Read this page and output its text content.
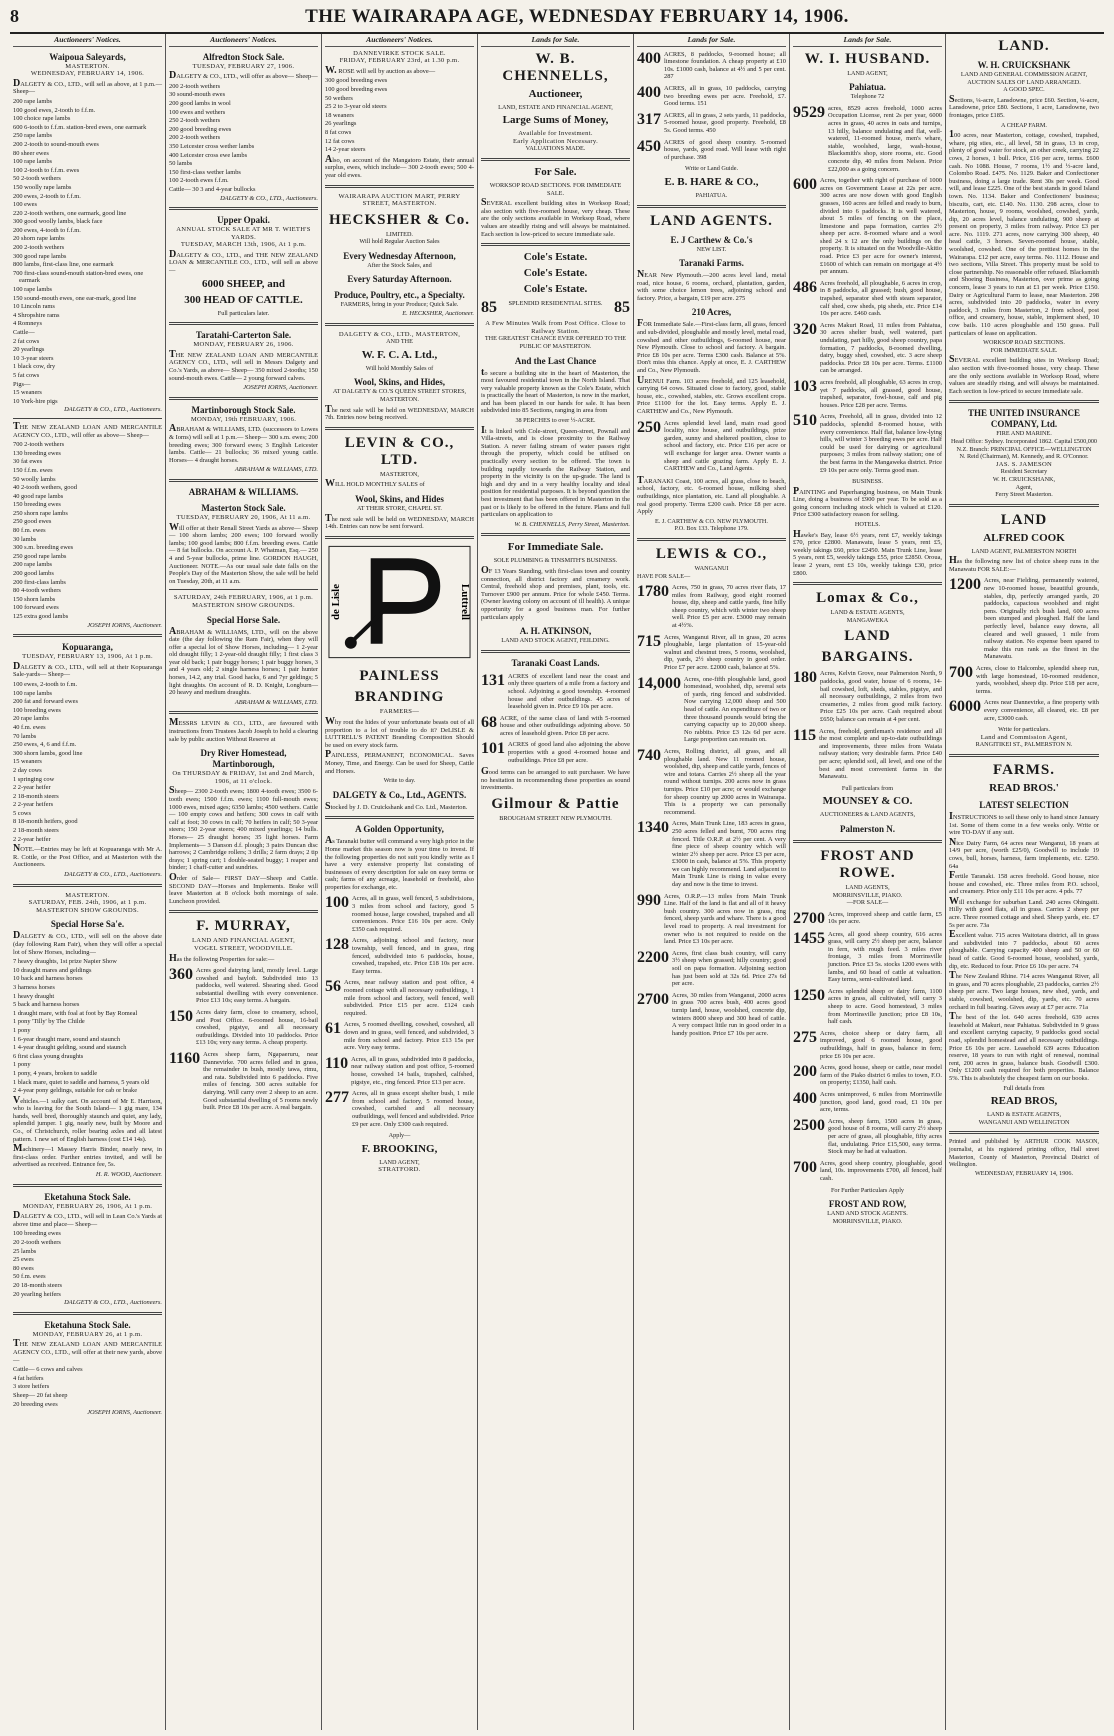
8	THE WAIRARAPA AGE, WEDNESDAY FEBRUARY 14, 1906.
Auctioneers' Notices.
Waipoua Saleyards,
MASTERTON.
WEDNESDAY, FEBRUARY 14, 1906.
DALGETY & CO., LTD., will sell as above, at 1 p.m.— Sheep—
200 rape lambs
100 good ewes, 2-tooth to f.f.m.
100 choice rape lambs
600 6-tooth to f.f.m. station-bred ewes, one earmark
250 rape lambs
200 2-tooth to sound-mouth ewes
80 sheer ewes
100 rape lambs
100 2-tooth to f.f.m. ewes
50 2-tooth wethers
150 woolly rape lambs
200 ewes, 2-tooth to f.f.m.
100 ewes
220 2-tooth wethers, one earmark, good line
300 good woolly lambs, black face
200 ewes, 4-tooth to f.f.m.
20 shorn rape lambs
200 2-tooth wethers
300 good rape lambs
800 lambs, first-class line, one earmark
700 first-class sound-mouth station-bred ewes, one earmark
100 rape lambs
150 sound-mouth ewes, one ear-mark, good line
10 Lincoln rams
4 Shropshire rams
4 Romneys
Cattle—
2 fat cows
20 yearlings
10 3-year steers
1 black cow, dry
5 fat cows
Pigs—
15 weaners
10 York-hire pigs
DALGETY & CO., LTD., Auctioneers.
THE NEW ZEALAND LOAN AND MERCANTILE AGENCY CO., LTD., will offer as above— Sheep—
700 2-tooth wethers
130 breeding ewes
30 fat ewes
150 f.f.m. ewes
50 woolly lambs
40 2-tooth wethers, good
40 good rape lambs
150 breeding ewes
250 shorn rape lambs
250 good ewes
80 f.m. ewes
30 lambs
300 s.m. breeding ewes
250 good rape lambs
200 rape lambs
200 good lambs
200 first-class lambs
80 4-tooth wethers
150 shorn lambs
100 forward ewes
125 extra good lambs
JOSEPH IORNS, Auctioneer.
Kopuaranga,
TUESDAY, FEBRUARY 13, 1906, At 1 p.m.
DALGETY & CO., LTD., will sell at their Kopuaranga Sale-yards— Sheep—
100 ewes, 2-tooth to f.m.
100 rape lambs
200 fat and forward ewes
100 breeding ewes
20 rape lambs
40 f.m. ewes
70 lambs
250 ewes, 4, 6 and f.f.m.
300 shorn lambs, good line
15 weaners
2 day cows
1 springing cow
2 2-year heifer
2 18-month steers
2 2-year heifers
5 cows
8 18-month heifers, good
2 18-month steers
2 2-year heifer
NOTE.—Entries may be left at Kopuaranga with Mr A. R. Cottle, or the Post Office, and at Masterton with the Auctioneers.
DALGETY & CO., LTD., Auctioneers.
MASTERTON.
SATURDAY, FEB. 24th, 1906, at 1 p.m.
MASTERTON SHOW GROUNDS.
Special Horse Sa'e.
DALGETY & CO., LTD., will sell on the above date (day following Ram Fair), when they will offer a special lot of Show Horses, including—
7 heavy draughts, 1st prize Napier Show
10 draught mares and geldings
10 back and harness horses
3 harness horses
1 heavy draught
5 back and harness horses
1 draught mare, with foal at foot by Bay Romeal
1 pony 'Tilly' by The Childe
1 pony
1 6-year draught mare, sound and staunch
1 4-year draught gelding, sound and staunch
6 first class young draughts
1 pony
1 pony, 4 years, broken to saddle
1 black mare, quiet to saddle and harness, 5 years old
2 4-year pony geldings, suitable for cab or brake
Vehicles.—1 sulky cart. On account of Mr E. Harrison, who is leaving for the South Island— 1 gig mare, 134 hands, well bred, thoroughly staunch and quiet, any lady, splendid jumper. 1 gig, nearly new, built by Moore and Co., of Christchurch, roller bearing axles and all latest pattern. 1 new set of English harness (cost £14 14s).
Machinery—1 Massey Harris Binder, nearly new, in first-class order. Further entries invited, and will be advertised as received. Entrance fee, 5s.
H. R. WOOD, Auctioneer.
Eketahuna Stock Sale.
MONDAY, FEBRUARY 26, 1906, At 1 p.m.
DALGETY & CO., LTD., will sell in Lean Co.'s Yards at above time and place— Sheep—
100 breeding ewes
20 2-tooth wethers
25 lambs
25 ewes
80 ewes
50 f.m. ewes
20 18-month steers
20 yearling heifers
DALGETY & CO., LTD., Auctioneers.
Eketahuna Stock Sale.
MONDAY, FEBRUARY 26, at 1 p.m.
THE NEW ZEALAND LOAN AND MERCANTILE AGENCY CO., LTD., will offer at their new yards, above—
Cattle— 6 cows and calves
4 fat heifers
3 store heifers
Sheep— 20 fat sheep
20 breeding ewes
JOSEPH IORNS, Auctioneer.
Auctioneers' Notices.
Alfredton Stock Sale.
TUESDAY, FEBRUARY 27, 1906.
DALGETY & CO., LTD., will offer as above— Sheep—
200 2-tooth wethers
30 sound-mouth ewes
200 good lambs in wool
100 ewes and wethers
250 2-tooth wethers
200 good breeding ewes
200 2-tooth wethers
350 Leicester cross wether lambs
400 Leicester cross ewe lambs
50 lambs
150 first-class wether lambs
100 2-tooth ewes f.f.m.
Cattle— 30 3 and 4-year bullocks
DALGETY & CO., LTD., Auctioneers.
Upper Opaki.
ANNUAL STOCK SALE AT MR T. WIETH'S YARDS.
TUESDAY, MARCH 13th, 1906, At 1 p.m.
DALGETY & CO., LTD., and THE NEW ZEALAND LOAN & MERCANTILE CO., LTD., will sell as above—
6000 SHEEP, and
300 HEAD OF CATTLE.
Full particulars later.
Taratahi-Carterton Sale.
MONDAY, FEBRUARY 26, 1906.
THE NEW ZEALAND LOAN AND MERCANTILE AGENCY CO., LTD., will sell in Messrs Dalgety and Co.'s Yards, as above— Sheep— 350 mixed 2-tooths; 150 sound-mouth ewes. Cattle— 2 young forward calves.
JOSEPH IORNS, Auctioneer.
Martinborough Stock Sale.
MONDAY, 19th FEBRUARY, 1906.
ABRAHAM & WILLIAMS, LTD. (successors to Lowes & Iorns) will sell at 1 p.m.— Sheep— 300 s.m. ewes; 200 breeding ewes; 300 forward ewes; 3 English Leicester lambs. Cattle— 21 bullocks; 36 mixed young cattle. Horses— 4 draught horses.
ABRAHAM & WILLIAMS, LTD.
ABRAHAM & WILLIAMS.
Masterton Stock Sale.
TUESDAY, FEBRUARY 20, 1906, At 11 a.m.
Will offer at their Renall Street Yards as above— Sheep— 100 shorn lambs; 200 ewes; 100 forward woolly lambs; 100 good lambs; 800 f.f.m. breeding ewes. Cattle— 8 fat bullocks. On account A. P. Whatman, Esq.— 250 4 and 5-year bullocks, prime line. GORDON HAUGH, Auctioneer. NOTE.—As our usual sale date falls on the People's Day of the Masterton Show, the sale will be held on Tuesday, 20th, at 11 a.m.
SATURDAY, 24th FEBRUARY, 1906, at 1 p.m.
MASTERTON SHOW GROUNDS.
Special Horse Sale.
ABRAHAM & WILLIAMS, LTD., will on the above date (the day following the Ram Fair), when they will offer a special lot of Show Horses, including— 1 2-year old draught filly; 1 2-year-old draught filly; 1 first class 3 year old back; 1 pair buggy horses; 1 pair buggy horses, 3 and 4 years old; 2 single harness horses; 1 pair hunter horses, 14.2, any trial. Good hacks, 6 and 7yr geldings; 5 light draughts. On account of R. D. Knight, Longburn— 20 heavy and medium draughts.
ABRAHAM & WILLIAMS, LTD.
MESSRS LEVIN & CO., LTD., are favoured with instructions from Trustees Jacob Joseph to hold a clearing sale by public auction Without Reserve at
Dry River Homestead, Martinborough,
On THURSDAY & FRIDAY, 1st and 2nd March, 1906, at 11 o'clock.
Sheep— 2300 2-tooth ewes; 1800 4-tooth ewes; 3500 6-tooth ewes; 1500 f.f.m. ewes; 1100 full-mouth ewes; 1000 ewes, mixed ages; 6350 lambs; 4500 wethers. Cattle— 100 empty cows and heifers; 300 cows in calf with calf at foot; 30 cows in calf; 70 heifers in calf; 50 3-year steers; 150 2-year steers; 400 mixed yearlings; 14 bulls. Horses— 25 draught horses; 35 light horses. Farm Implements— 3 Danson d.f. plough; 3 pairs Duncan disc harrows; 2 Cambridge rollers; 3 drills; 2 farm drays; 2 tip drays; 1 spring cart; 1 double-seated buggy; 1 reaper and binder; 1 chaff-cutter and sundries.
Order of Sale— FIRST DAY—Sheep and Cattle. SECOND DAY—Horses and Implements. Brake will leave Masterton at 8 o'clock both mornings of sale. Luncheon provided.
F. MURRAY,
LAND AND FINANCIAL AGENT,
VOGEL STREET, WOODVILLE.
Has the following Properties for sale:—
360 Acres good dairying land, mostly level. Large cowshed and bayloft. Subdivided into 13 paddocks, well watered. Shearing shed. Good substantial dwelling with every convenience. Price £13 10s; easy terms. A bargain.
150 Acres dairy farm, close to creamery, school, and Post Office. 6-roomed house, 16-bail cowshed, pigstye, and all necessary outbuildings. Divided into 10 paddocks. Price £13 10s; very easy terms. A cheap property.
1160 Acres sheep farm, Ngapaeruru, near Dannevirke. 700 acres felled and in grass, the remainder in bush, mostly tawa, rimu, and rata. Subdivided into 6 paddocks. Five miles of fencing. 300 acres suitable for dairying. Will carry over 2 sheep to an acre. Good substantial dwelling of 5 rooms newly built. Price £8 10s per acre. A real bargain.
Auctioneers' Notices.
DANNEVIRKE STOCK SALE.
FRIDAY, FEBRUARY 23rd, at 1.30 p.m.
W. ROSE will sell by auction as above—
300 good breeding ewes
100 good breeding ewes
50 wethers
25 2 to 3-year old steers
18 weaners
26 yearlings
8 fat cows
12 fat cows
14 2-year steers
Also, on account of the Mangatoro Estate, their annual surplus, ewes, which include— 300 2-tooth ewes; 500 4-year old ewes.
WAIRARAPA AUCTION MART, PERRY STREET, MASTERTON.
HECKSHER & Co.
LIMITED.
Will hold Regular Auction Sales
Every Wednesday Afternoon,
After the Stock Sales, and
Every Saturday Afternoon.
Produce, Poultry, etc., a Specialty.
FARMERS, bring in your Produce; Quick Sale.
E. HECKSHER, Auctioneer.
DALGETY & CO., LTD., MASTERTON,
AND THE
W. F. C. A. Ltd.,
Will hold Monthly Sales of
Wool, Skins, and Hides,
AT DALGETY & CO.'S QUEEN STREET STORES, MASTERTON.
The next sale will be held on WEDNESDAY, MARCH 7th. Entries now being received.
LEVIN & CO., LTD.
MASTERTON,
WILL HOLD MONTHLY SALES of
Wool, Skins, and Hides
AT THEIR STORE, CHAPEL ST.
The next sale will be held on WEDNESDAY, MARCH 14th. Entries can now be sent forward.
de Lisle	Luttrell
PAINLESS
BRANDING
FARMERS—
Why rout the hides of your unfortunate beasts out of all proportion to a lot of trouble to do it? DeLISLE & LUTTRELL'S PATENT Branding Composition Should be used on every stock farm.
PAINLESS, PERMANENT, ECONOMICAL. Saves Money, Time, and Energy. Can be used for Sheep, Cattle and Horses.
Write to day.
DALGETY & Co., Ltd., AGENTS.
Stocked by J. D. Cruickshank and Co. Ltd., Masterton.
A Golden Opportunity,
As Taranaki butter will command a very high price in the Home market this season now is your time to invest. If the following properties do not suit you kindly write as I have a very extensive property list consisting of businesses of every description for sale on easy terms or cash; farms of any acreage, leasehold or freehold, also properties for exchange, etc.
100 Acres, all in grass, well fenced, 5 subdivisions, 3 miles from school and factory, good 5 roomed house, large cowshed, trapshed and all conveniences. Price £16 10s per acre. Only £350 cash required.
128 Acres, adjoining school and factory, near township, well fenced, and in grass, ring fenced, subdivided into 6 paddocks, house, cowshed, trapshed, etc. Price £18 10s per acre. Easy terms.
56 Acres, near railway station and post office, 4 roomed cottage with all necessary outbuildings, 1 mile from school and factory, well fenced, well subdivided. Price £15 per acre. £124 cash required.
61 Acres, 5 roomed dwelling, cowshed, cowshed, all down and in grass, well fenced, and subdivided, 3 mile from school and factory. Price £13 15s per acre. Very easy terms.
110 Acres, all in grass, subdivided into 8 paddocks, near railway station and post office, 5-roomed house, cowshed 14 bails, trapshed, calfshed, pigstye, etc., ring fenced. Price £13 per acre.
277 Acres, all in grass except shelter bush, 1 mile from school and factory, 5 roomed house, cowshed, cartshed and all necessary outbuildings, well fenced and subdivided. Price £9 per acre. Only £300 cash required.
Apply—
F. BROOKING,
LAND AGENT,
STRATFORD.
Lands for Sale.
W. B. CHENNELLS,
Auctioneer,
LAND, ESTATE AND FINANCIAL AGENT,
Large Sums of Money,
Available for Investment.
Early Application Necessary.
VALUATIONS MADE.
For Sale.
WORKSOP ROAD SECTIONS. FOR IMMEDIATE SALE.
SEVERAL excellent building sites in Worksop Road; also section with five-roomed house, very cheap. These are the only sections available in Worksop Road, where values are steadily rising and will always be maintained. Each section is low-priced to secure immediate sale.
Cole's Estate.
Cole's Estate.
Cole's Estate.
85	SPLENDID RESIDENTIAL SITES. 85
A Few Minutes Walk from Post Office. Close to Railway Station.
THE GREATEST CHANCE EVER OFFERED TO THE PUBLIC OF MASTERTON.
And the Last Chance
to secure a building site in the heart of Masterton, the most favoured residential town in the North Island. That very valuable property known as the Cole's Estate, which is practically the heart of Masterton, is now in the market, and has been placed in our hands for sale. It has been subdivided into 85 Sections, ranging in area from
38 PERCHES to over ½-ACRE.
It is linked with Cole-street, Queen-street, Pownall and Villa-streets, and is close proximity to the Railway Station. A never failing stream of water passes right through the property, which could be utilised on practically every section to be offered. The town is building rapidly towards the Railway Station, and property in the vicinity is on the up-grade. The land is high and dry and in a very healthy locality and ideal position for residential purposes. It is beyond question the best investment that has been offered in Masterton in the past or is likely to be offered in the future. Plans and full particulars on application to
W. B. CHENNELLS, Perry Street, Masterton.
For Immediate Sale.
SOLE PLUMBING & TINSMITH'S BUSINESS.
OF 13 Years Standing, with first-class town and country connection, all district factory and creamery work. Central, freehold shop and premises, plant, tools, etc. Turnover £900 per annum. Price for whole £450. Terms. (Owner leaving colony on account of ill health). A unique opportunity for a good business man. For further particulars apply
A. H. ATKINSON,
LAND AND STOCK AGENT, FEILDING.
Taranaki Coast Lands.
131 ACRES of excellent land near the coast and only three quarters of a mile from a factory and school. Adjoining a good township. 4-roomed house and other outbuildings. 45 acres of leasehold given in. Price £9 10s per acre.
68 ACRE, of the same class of land with 5-roomed house and other outbuildings adjoining above. 50 acres of leasehold given. Price £8 per acre.
101 ACRES of good land also adjoining the above properties with a good 4-roomed house and outbuildings. Price £8 per acre.
Good terms can be arranged to suit purchaser. We have no hesitation in recommending these properties as sound investments.
Gilmour & Pattie
BROUGHAM STREET NEW PLYMOUTH.
Lands for Sale.
400 ACRES, 8 paddocks, 9-roomed house; all limestone foundation. A cheap property at £10 10s. £1000 cash, balance at 4½ and 5 per cent. 287
400 ACRES, all in grass, 10 paddocks, carrying two breeding ewes per acre. Freehold, £7. Good terms. 151
317 ACRES, all in grass, 2 sets yards, 11 paddocks, 5-roomed house, good property. Freehold, £8 5s. Good terms. 450
450 ACRES of good sheep country. 5-roomed house, yards, good road. Will lease with right of purchase. 398
Write or Land Guide.
E. B. HARE & CO.,
PAHIATUA.
LAND AGENTS.
E. J Carthew & Co.'s
NEW LIST.
Taranaki Farms.
NEAR New Plymouth.—200 acres level land, metal road, nice house, 6 rooms, orchard, plantation, garden, with some choice lemon trees, adjoining school and factory. Price, a bargain, £19 per acre. 275
210 Acres,
FOR Immediate Sale.—First-class farm, all grass, fenced and sub-divided, ploughable and mostly level, metal road, cowshed and other outbuildings, 6-roomed house, near New Plymouth. Close to school and factory. A bargain. Price £8 10s per acre. Terms £300 cash. Balance at 5%. Don't miss this chance. Apply at once, E. J. CARTHEW and Co., New Plymouth.
URENUI Farm. 103 acres freehold, and 125 leasehold, carrying 64 cows. Situated close to factory, good, stable house, etc., cowshed, stables, etc. Grows excellent crops. Price £1100 for the lot. Easy terms. Apply E. J. CARTHEW and Co., New Plymouth.
250 Acres splendid level land, main road good locality, nice house, and outbuildings, prize garden, sunny and sheltered position, close to school and factory, etc. Price £16 per acre or will exchange for larger area. Owner wants a sheep and cattle grazing farm. Apply E. J. CARTHEW and Co., Land Agents.
TARANAKI Coast, 100 acres, all grass, close to beach, school, factory, etc. 6-roomed house, milking shed outbuildings, nice plantation, etc. Land all ploughable. A real good property. Terms £200 cash. Price £8 per acre. Apply
E. J. CARTHEW & CO. NEW PLYMOUTH.
P.O. Box 133. Telephone 179.
LEWIS & CO.,
WANGANUI
HAVE FOR SALE—
1780 Acres, 750 in grass, 70 acres river flats, 17 miles from Railway, good eight roomed house, dip, sheep and cattle yards, fine hilly sheep country, which with winter two sheep well. Price £5 per acre. £3000 may remain at 4½%.
715 Acres, Wanganui River, all in grass, 20 acres ploughable, large plantation of 15-year-old walnut and chestnut trees, 5 rooms, woolshed, dip, yards, 2½ sheep country in good order. Price £7 per acre. £2000 cash, balance at 5%.
14,000 Acres, one-fifth ploughable land, good homestead, woolshed, dip, several sets of yards, ring fenced and subdivided. Now carrying 12,000 sheep and 500 head of cattle. An expenditure of two or three thousand pounds would bring the carrying capacity up to 20,000 sheep. No rabbits. Price £3 12s 6d per acre. Large proportion can remain on.
740 Acres, Rolling district, all grass, and all ploughable land. New 11 roomed house, woolshed, dip, sheep and cattle yards, fences of wire and totara. Carries 2½ sheep all the year round without turnips. 200 acres now in grass turnips. Price £10 per acre; or would exchange for sheep country up 2000 acres in Wairarapa. This is a property we can personally recommend.
1340 Acres, Main Trunk Line, 183 acres in grass, 250 acres felled and burnt, 700 acres ring fenced. Title O.R.P. at 2½ per cent. A very fine piece of sheep country which will winter 2½ sheep per acre. Price £3 per acre, £3000 in cash, balance at 5%. This property we can highly recommend. Land adjacent to Main Trunk Line is rising in value every day and now is the time to invest.
990 Acres, O.R.P.—13 miles from Main Trunk Line. Half of the land is flat and all of it heavy bush country. 300 acres now in grass, ring fenced, sheep yards and whare. There is a good level road to property. A real investment for owner who is not required to reside on the land. Price £3 10s per acre.
2200 Acres, first class bush country, will carry 3½ sheep when grassed; hilly country; good soil on papa formation. Adjoining section has just been sold at 32s 6d. Price 27s 6d per acre.
2700 Acres, 30 miles from Wanganui, 2000 acres in grass 700 acres bush, 400 acres good turnip land, house, woolshed, concrete dip, winters 8000 sheep and 300 head of cattle. A very compact little run in good order in a handy position. Price £7 10s per acre.
Lands for Sale.
W. I. HUSBAND.
LAND AGENT,
Pahiatua.
Telephone 72
9529 acres, 8529 acres freehold, 1000 acres Occupation License, rent 2s per year, 6000 acres in grass, 40 acres in oats and turnips, 13 hilly, balance undulating and flat, well-watered, 11-roomed house, men's whare, stable, woolshed, large, wash-house, Blacksmith's shop, store rooms, etc. Good concrete dip, 40 miles from Nelson. Price £22,000 as a going concern.
600 Acres, together with right of purchase of 1000 acres on Government Lease at 22s per acre. 300 acres are now down with good English grasses, 160 acres are felled and ready to burn, divided into 6 paddocks. It is well watered, about 5 miles of fencing on the place, limestone and papa formation, carries 2½ sheep per acre. 8-roomed whare and a wool shed 24 x 12 are the only buildings on the property. It is situated on the Woodville-Akitio road. Price £3 per acre for owner's interest, £1600 of which can remain on mortgage at 4½ per annum.
486 Acres freehold, all ploughable, 6 acres in crop, in 8 paddocks, all grassed; bush, good house, trapshed, separator shed with steam separator, calf shed, cow sheds, pig sheds, etc. Price £14 10s per acre. £460 cash.
320 Acres Makuri Road, 11 miles from Pahiatua, 30 acres shelter bush, well watered, part undulating, part hilly, good sheep country, papa formation, 7 paddocks, 8-roomed dwelling, dairy, buggy shed, cowshed, etc. 3 acre sheep paddocks. Price £8 10s per acre. Terms. £1100 can be arranged.
103 acres freehold, all ploughable, 63 acres in crop, yet 7 paddocks, all grassed, good house, trapshed, separator, fowl-house, calf and pig houses. Price £28 per acre. Terms.
510 Acres, Freehold, all in grass, divided into 12 paddocks, splendid 8-roomed house, with every convenience. Half flat, balance low-lying hills, will winter 3 breeding ewes per acre. Half could be used for dairying or agricultural purposes; 3 miles from railway station; one of the best farms in the Mangaweka district. Price £9 10s per acre only. Terms good man.
BUSINESS.
PAINTING and Paperhanging business, on Main Trunk Line, doing a business of £900 per year. To be sold as a going concern including stock which is valued at £120. Price £300 satisfactory reason for selling.
HOTELS.
Hawke's Bay, lease 6½ years, rent £7, weekly takings £70, price £2800. Manawatu, lease 5 years, rent £5, weekly takings £60, price £2450. Main Trunk Line, lease 5 years, rent £5, weekly takings £55, price £2850. Oroua, lease 2 years, rent £3 10s, weekly takings £30, price £800.
Lomax & Co.,
LAND & ESTATE AGENTS,
MANGAWEKA
LAND
BARGAINS.
180 Acres, Kelvin Grove, near Palmerston North, 9 paddocks, good water, house of 6 rooms, 14-bail cowshed, loft, sheds, stables, pigstye, and all necessary outbuildings, 2 miles from two creameries, 2 miles from good milk factory. Price £25 10s per acre. Cash required about £650; balance can remain at 4 per cent.
115 Acres, freehold, gentleman's residence and all the most complete and up-to-date outbuildings and improvements, three miles from Waiata railway station; very desirable farm. Price £40 per acre; splendid soil, all level, and one of the best and most convenient farms in the Manawatu.
Full particulars from
MOUNSEY & CO.
AUCTIONEERS & LAND AGENTS,
Palmerston N.
FROST AND ROWE.
LAND AGENTS,
MORRINSVILLE, PIAKO.
—FOR SALE—
2700 Acres, improved sheep and cattle farm, £5 10s per acre.
1455 Acres, all good sheep country, 616 acres grass, will carry 2½ sheep per acre, balance in fern, with rough feed. 3 miles river frontage, 3 miles from Morrinsville junction. Price £3 5s. stocks 1200 ewes with lambs, and 60 head of cattle at valuation. Easy terms, semi-cultivated land.
1250 Acres splendid sheep or dairy farm, 1100 acres in grass, all cultivated, will carry 3 sheep to acre. Good homestead, 3 miles from Morrinsville junction; price £8 10s, half cash.
275 Acres, choice sheep or dairy farm, all improved, good 6 roomed house, good outbuildings, half in grass, balance in fern; price £6 10s per acre.
200 Acres, good house, sheep or cattle, near model farm of the Piako district 6 miles to town, F.O. on property; £1350, half cash.
400 Acres unimproved, 6 miles from Morrinsville junction, good land, good road, £1 10s per acre, terms.
2500 Acres, sheep farm, 1500 acres in grass, good house of 8 rooms, will carry 2½ sheep per acre of grass, all ploughable, fifty acres flat, undulating. Price £15,500, easy terms. Stock may be had at valuation.
700 Acres, good sheep country, ploughable, good land, 10s. improvements £700, all fenced, half cash.
For Further Particulars Apply
FROST AND ROW,
LAND AND STOCK AGENTS.
MORRINSVILLE, PIAKO.
LAND.
W. H. CRUICKSHANK
LAND AND GENERAL COMMISSION AGENT, AUCTION SALES OF LAND ARRANGED.
A GOOD SPEC.
Sections, ¼-acre, Lansdowne, price £60. Section, ¼-acre, Lansdowne, price £80. Sections, 1 acre, Lansdowne, two frontages, price £185.
A CHEAP FARM.
100 acres, near Masterton, cottage, cowshed, trapshed, whare, pig sties, etc., all level, 58 in grass, 13 in crop, plenty of good water for stock, an other creek, carrying 22 cows, 2 horses, 1 bull. Price, £16 per acre, terms. £600 cash. No 1088. House, 7 rooms, 1½ and ½-acre land, Colombo Road. £475. No. 1129. Baker and Confectioner business, doing a large trade. Rent 30s per week. Good will, and lease £225. One of the best stands in good Island town. No. 1134. Baker and Confectioners' business; biscuits, cart, etc. £140. No. 1130. 298 acres, close to Masterton, house, 9 rooms, woolshed, cowshed, yards, dip, 20 acres level, balance undulating, 900 sheep at present on property, 3 miles from railway. Price £3 per acre. No. 1119. 271 acres, now carrying 300 sheep, 40 head cattle, 3 horses. Seven-roomed house, stable, woolshed, cowshed. One of the prettiest homes in the Wairarapa. £12 per acre, easy terms. No. 1112. House and two sections, Villa Street. This property must be sold to close partnership. No reasonable offer refused. Blacksmith and Shoeing Business, Masterton, over prime as going concern, lease 3 years to run at £1 per week. Price £150. Dairy or Agricultural Farm to lease, near Masterton. 298 acres, subdivided into 20 paddocks, water in every paddock, 3 miles from Masterton, 2 from school, post office, and creamery, house, stable, implement shed, 10 cow bails. 110 acres ploughable and 150 grass. Full particulars of lease on application.
WORKSOP ROAD SECTIONS.
FOR IMMEDIATE SALE.
SEVERAL excellent building sites in Worksop Road; also section with five-roomed house, very cheap. These are the only sections available in Worksop Road, where values are steadily rising, and will always be maintained. Each section is low-priced to secure immediate sale.
THE UNITED INSURANCE COMPANY, Ltd.
FIRE AND MARINE.
Head Office: Sydney. Incorporated 1862. Capital £500,000
N.Z. Branch: PRINCIPAL OFFICE—WELLINGTON
N. Reid (Chairman), M. Kennedy, and R. O'Connor.
JAS. S. JAMESON
Resident Secretary
W. H. CRUICKSHANK,
Agent,
Ferry Street Masterton.
LAND
ALFRED COOK
LAND AGENT, PALMERSTON NORTH
Has the following new list of choice sheep runs in the Manawatu FOR SALE:—
1200 Acres, near Fielding, permanently watered, new 10-roomed house, beautiful grounds, stables, dip, perfectly arranged yards, 20 paddocks, capacious woolshed and night pens. Originally rich bush land, 600 acres been stumped and ploughed. Half the land perfectly level, balance easy downs, all cleared and well grassed, 1 mile from railway station. No expense been spared to make this run rank as the finest in the Manawatu.
700 Acres, close to Halcombe, splendid sheep run, with large homestead, 10-roomed residence, yards, woolshed, sheep dip. Price £18 per acre, terms.
6000 Acres near Dannevirke, a fine property with every convenience, all cleared, etc. £8 per acre, £3000 cash.
Write for particulars.
Land and Commission Agent,
RANGITIKEI ST., PALMERSTON N.
FARMS.
READ BROS.'
LATEST SELECTION
INSTRUCTIONS to sell these only to hand since January 1st. Some of them come in a few weeks only. Write or wire TO-DAY if any suit.
Nice Dairy Farm, 64 acres near Wanganui, 18 years at 14/9 per acre, (worth £25/0), Goodwill to include 19 cows, bull, horses, harness, farm implements, etc. £250. 64a
Fertile Taranaki. 158 acres freehold. Good house, nice house and cowshed, etc. Three miles from P.O. school, and creamery. Price only £11 10s per acre. 4 pds. 77
Will exchange for suburban Land. 240 acres Ohingaiti. Hilly with good flats, all in grass. Carries 2 sheep per acre. Three roomed cottage and shed. Sheep yards, etc. £7 5s per acre. 73a
Excellent value. 715 acres Waitotara district, all in grass and subdivided into 7 paddocks, about 60 acres ploughable. Carrying capacity 400 sheep and 50 or 60 head of cattle. Good 6-roomed house, woolshed, yards, dip, etc. Reduced to four. Price £6 10s per acre. 74
The New Zealand Rhine. 714 acres Wanganui River, all in grass, and 70 acres ploughable, 23 paddocks, carries 2½ sheep per acre. Two large houses, new shed, yards, and stable, cowshed, woolshed, dip, yards, etc. 70 acres orchard in full bearing. Gives away at £7 per acre. 71a
The best of the lot. 640 acres freehold, 639 acres leasehold at Makuri, near Pahiatua. Subdivided in 9 grass and excellent carrying capacity, 9 paddocks good social road, splendid homestead and all necessary outbuildings. Price £6 10s per acre. Leasehold 639 acres Education reserve, 18 years to run with right of renewal, nominal rent, 200 acres in grass, balance bush. Goodwill £300. Only £1200 cash required for both properties. Balance 5%. This is absolutely the cheapest farm on our books.
Full details from
READ BROS,
LAND & ESTATE AGENTS,
WANGANUI AND WELLINGTON
Printed and published by ARTHUR COOK MASON, journalist, at his registered printing office, Hall street Masterton, County of Masterton, Provincial District of Wellington.
WEDNESDAY, FEBRUARY 14, 1906.
